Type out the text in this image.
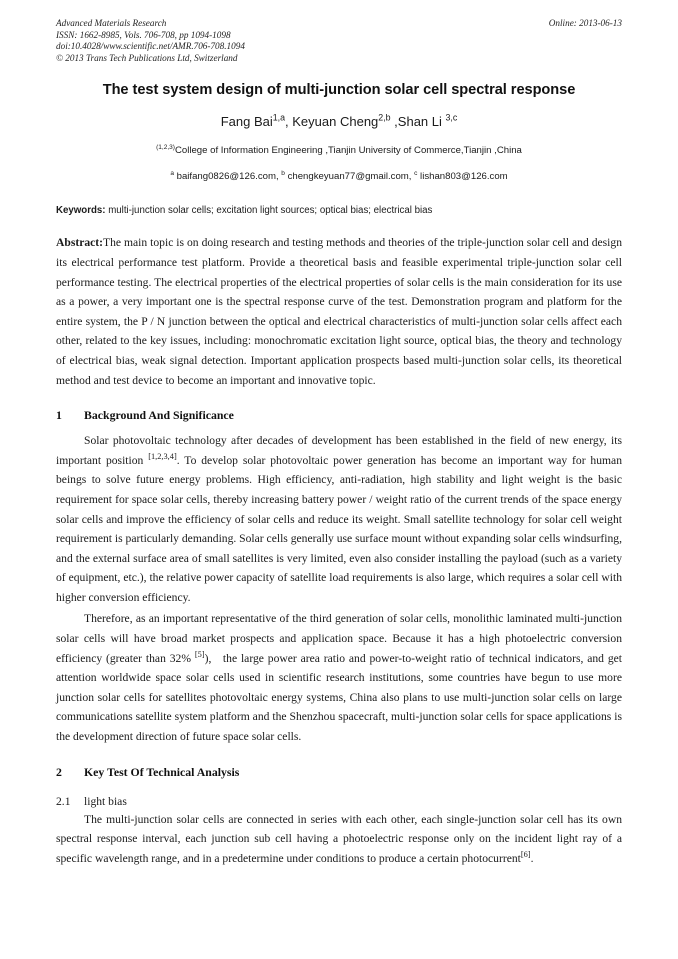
Online: 2013-06-13
Advanced Materials Research
ISSN: 1662-8985, Vols. 706-708, pp 1094-1098
doi:10.4028/www.scientific.net/AMR.706-708.1094
© 2013 Trans Tech Publications Ltd, Switzerland
The test system design of multi-junction solar cell spectral response
Fang Bai$^{1,a}$, Keyuan Cheng$^{2,b}$ ,Shan Li $^{3,c}$
$^{(1,2,3)}$College of Information Engineering ,Tianjin University of Commerce,Tianjin ,China
$^a$ baifang0826@126.com, $^b$ chengkeyuan77@gmail.com, $^c$ lishan803@126.com
Keywords: multi-junction solar cells; excitation light sources; optical bias; electrical bias
Abstract:The main topic is on doing research and testing methods and theories of the triple-junction solar cell and design its electrical performance test platform. Provide a theoretical basis and feasible experimental triple-junction solar cell performance testing. The electrical properties of the electrical properties of solar cells is the main consideration for its use as a power, a very important one is the spectral response curve of the test. Demonstration program and platform for the entire system, the P / N junction between the optical and electrical characteristics of multi-junction solar cells affect each other, related to the key issues, including: monochromatic excitation light source, optical bias, the theory and technology of electrical bias, weak signal detection. Important application prospects based multi-junction solar cells, its theoretical method and test device to become an important and innovative topic.
1 Background And Significance

Solar photovoltaic technology after decades of development has been established in the field of new energy, its important position [1,2,3,4]. To develop solar photovoltaic power generation has become an important way for human beings to solve future energy problems. High efficiency, anti-radiation, high stability and light weight is the basic requirement for space solar cells, thereby increasing battery power / weight ratio of the current trends of the space energy solar cells and improve the efficiency of solar cells and reduce its weight. Small satellite technology for solar cell weight requirement is particularly demanding. Solar cells generally use surface mount without expanding solar cells windsurfing, and the external surface area of small satellites is very limited, even also consider installing the payload (such as a variety of equipment, etc.), the relative power capacity of satellite load requirements is also large, which requires a solar cell with higher conversion efficiency.

Therefore, as an important representative of the third generation of solar cells, monolithic laminated multi-junction solar cells will have broad market prospects and application space. Because it has a high photoelectric conversion efficiency (greater than 32% [5]),   the large power area ratio and power-to-weight ratio of technical indicators, and get attention worldwide space solar cells used in scientific research institutions, some countries have begun to use more junction solar cells for satellites photovoltaic energy systems, China also plans to use multi-junction solar cells on large communications satellite system platform and the Shenzhou spacecraft, multi-junction solar cells for space applications is the development direction of future space solar cells.

2 Key Test Of Technical Analysis
2.1 light bias

The multi-junction solar cells are connected in series with each other, each single-junction solar cell has its own spectral response interval, each junction sub cell having a photoelectric response only on the incident light ray of a specific wavelength range, and in a predetermine under conditions to produce a certain photocurrent[6].
